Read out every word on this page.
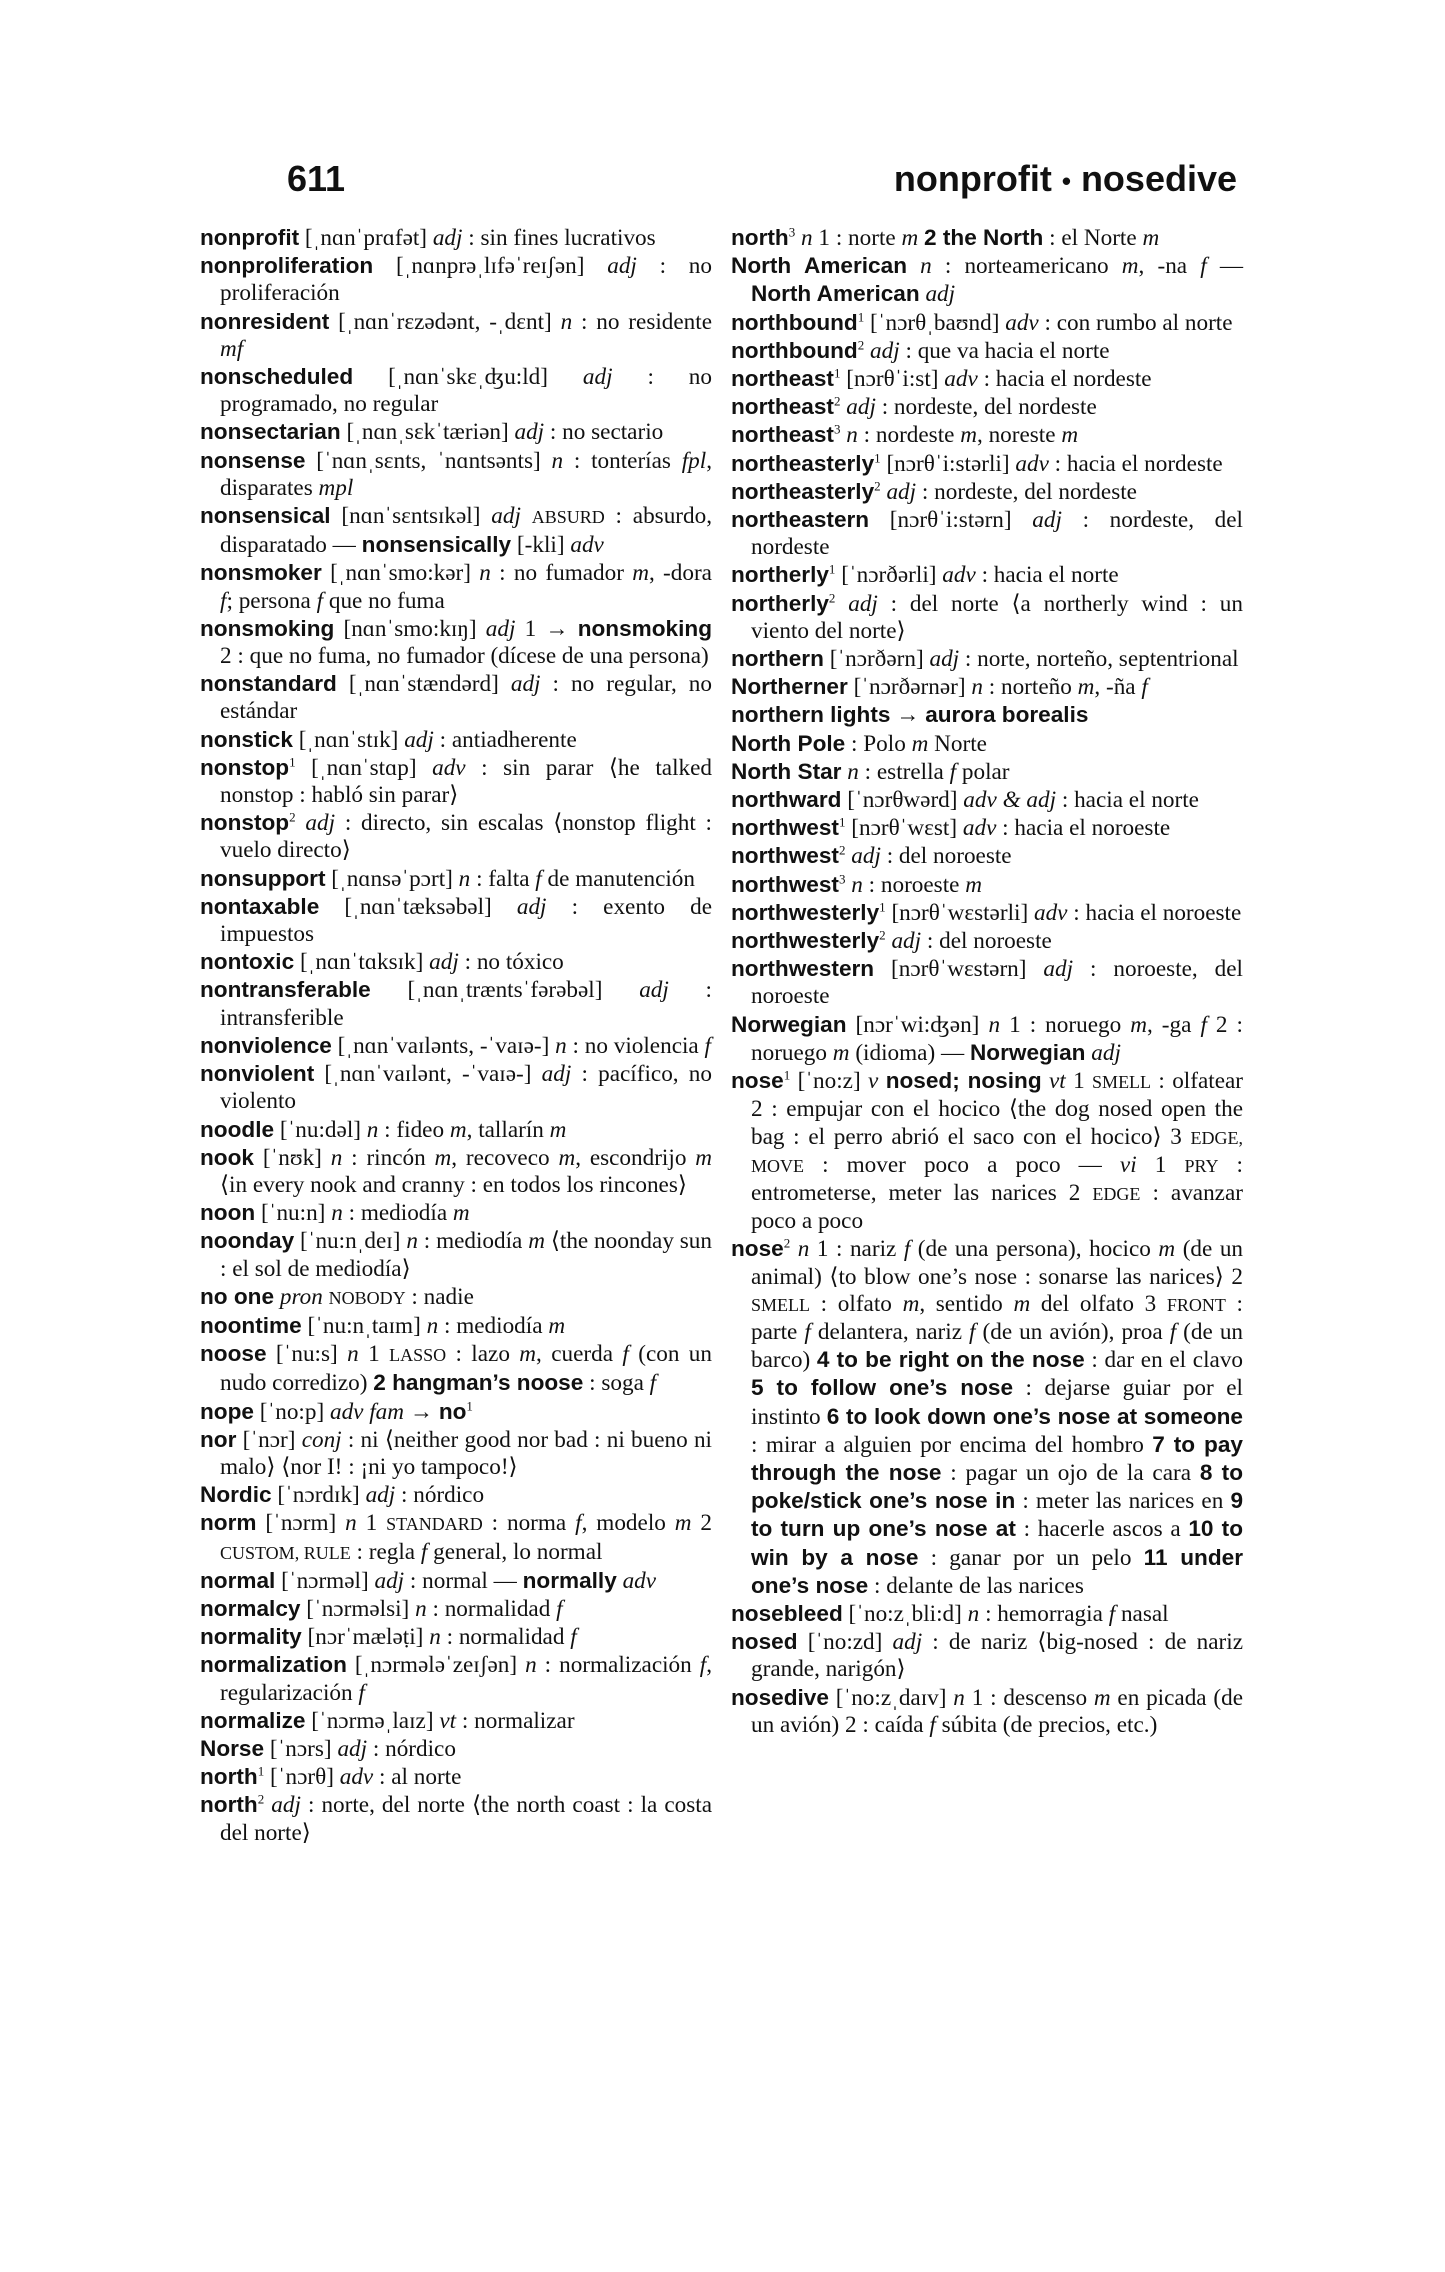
611	nonprofit • nosedive
nonprofit [ˌnɑnˈprɑfət] adj : sin fines lucrativos
nonproliferation [ˌnɑnprəˌlɪfəˈreɪʃən] adj : no proliferación
nonresident [ˌnɑnˈrɛzədənt, -ˌdɛnt] n : no residente mf
nonscheduled [ˌnɑnˈskɛˌʤu:ld] adj : no programado, no regular
nonsectarian [ˌnɑnˌsɛkˈtæriən] adj : no sectario
nonsense [ˈnɑnˌsɛnts, ˈnɑntsənts] n : tonterías fpl, disparates mpl
nonsensical [nɑnˈsɛntsɪkəl] adj ABSURD : absurdo, disparatado — nonsensically [-kli] adv
nonsmoker [ˌnɑnˈsmo:kər] n : no fumador m, -dora f; persona f que no fuma
nonsmoking [nɑnˈsmo:kɪŋ] adj 1 → nonsmoking 2 : que no fuma, no fumador (dícese de una persona)
nonstandard [ˌnɑnˈstændərd] adj : no regular, no estándar
nonstick [ˌnɑnˈstɪk] adj : antiadherente
nonstop$^1$ [ˌnɑnˈstɑp] adv : sin parar ⟨he talked nonstop : habló sin parar⟩
nonstop$^2$ adj : directo, sin escalas ⟨nonstop flight : vuelo directo⟩
nonsupport [ˌnɑnsəˈpɔrt] n : falta f de manutención
nontaxable [ˌnɑnˈtæksəbəl] adj : exento de impuestos
nontoxic [ˌnɑnˈtɑksɪk] adj : no tóxico
nontransferable [ˌnɑnˌtræntsˈfərəbəl] adj : intransferible
nonviolence [ˌnɑnˈvaɪlənts, -ˈvaɪə-] n : no violencia f
nonviolent [ˌnɑnˈvaɪlənt, -ˈvaɪə-] adj : pacífico, no violento
noodle [ˈnu:dəl] n : fideo m, tallarín m
nook [ˈnʊk] n : rincón m, recoveco m, escondrijo m ⟨in every nook and cranny : en todos los rincones⟩
noon [ˈnu:n] n : mediodía m
noonday [ˈnu:nˌdeɪ] n : mediodía m ⟨the noonday sun : el sol de mediodía⟩
no one pron NOBODY : nadie
noontime [ˈnu:nˌtaɪm] n : mediodía m
noose [ˈnu:s] n 1 LASSO : lazo m, cuerda f (con un nudo corredizo) 2 hangman’s noose : soga f
nope [ˈno:p] adv fam → $no^1$
nor [ˈnɔr] conj : ni ⟨neither good nor bad : ni bueno ni malo⟩ ⟨nor I! : ¡ni yo tampoco!⟩
Nordic [ˈnɔrdɪk] adj : nórdico
norm [ˈnɔrm] n 1 STANDARD : norma f, modelo m 2 CUSTOM, RULE : regla f general, lo normal
normal [ˈnɔrməl] adj : normal — normally adv
normalcy [ˈnɔrməlsi] n : normalidad f
normality [nɔrˈmæləṭi] n : normalidad f
normalization [ˌnɔrmələˈzeɪʃən] n : normalización f, regularización f
normalize [ˈnɔrməˌlaɪz] vt : normalizar
Norse [ˈnɔrs] adj : nórdico
north$^1$ [ˈnɔrθ] adv : al norte
north$^2$ adj : norte, del norte ⟨the north coast : la costa del norte⟩
north$^3$ n 1 : norte m 2 the North : el Norte m
North American n : norteamericano m, -na f — North American adj
northbound$^1$ [ˈnɔrθˌbaʊnd] adv : con rumbo al norte
northbound$^2$ adj : que va hacia el norte
northeast$^1$ [nɔrθˈi:st] adv : hacia el nordeste
northeast$^2$ adj : nordeste, del nordeste
northeast$^3$ n : nordeste m, noreste m
northeasterly$^1$ [nɔrθˈi:stərli] adv : hacia el nordeste
northeasterly$^2$ adj : nordeste, del nordeste
northeastern [nɔrθˈi:stərn] adj : nordeste, del nordeste
northerly$^1$ [ˈnɔrðərli] adv : hacia el norte
northerly$^2$ adj : del norte ⟨a northerly wind : un viento del norte⟩
northern [ˈnɔrðərn] adj : norte, norteño, septentrional
Northerner [ˈnɔrðərnər] n : norteño m, -ña f
northern lights → aurora borealis
North Pole : Polo m Norte
North Star n : estrella f polar
northward [ˈnɔrθwərd] adv & adj : hacia el norte
northwest$^1$ [nɔrθˈwɛst] adv : hacia el noroeste
northwest$^2$ adj : del noroeste
northwest$^3$ n : noroeste m
northwesterly$^1$ [nɔrθˈwɛstərli] adv : hacia el noroeste
northwesterly$^2$ adj : del noroeste
northwestern [nɔrθˈwɛstərn] adj : noroeste, del noroeste
Norwegian [nɔrˈwi:ʤən] n 1 : noruego m, -ga f 2 : noruego m (idioma) — Norwegian adj
nose$^1$ [ˈno:z] v nosed; nosing vt 1 SMELL : olfatear 2 : empujar con el hocico ⟨the dog nosed open the bag : el perro abrió el saco con el hocico⟩ 3 EDGE, MOVE : mover poco a poco — vi 1 PRY : entrometerse, meter las narices 2 EDGE : avanzar poco a poco
nose$^2$ n 1 : nariz f (de una persona), hocico m (de un animal) ⟨to blow one’s nose : sonarse las narices⟩ 2 SMELL : olfato m, sentido m del olfato 3 FRONT : parte f delantera, nariz f (de un avión), proa f (de un barco) 4 to be right on the nose : dar en el clavo 5 to follow one’s nose : dejarse guiar por el instinto 6 to look down one’s nose at someone : mirar a alguien por encima del hombro 7 to pay through the nose : pagar un ojo de la cara 8 to poke/stick one’s nose in : meter las narices en 9 to turn up one’s nose at : hacerle ascos a 10 to win by a nose : ganar por un pelo 11 under one’s nose : delante de las narices
nosebleed [ˈno:zˌbli:d] n : hemorragia f nasal
nosed [ˈno:zd] adj : de nariz ⟨big-nosed : de nariz grande, narigón⟩
nosedive [ˈno:zˌdaɪv] n 1 : descenso m en picada (de un avión) 2 : caída f súbita (de precios, etc.)
